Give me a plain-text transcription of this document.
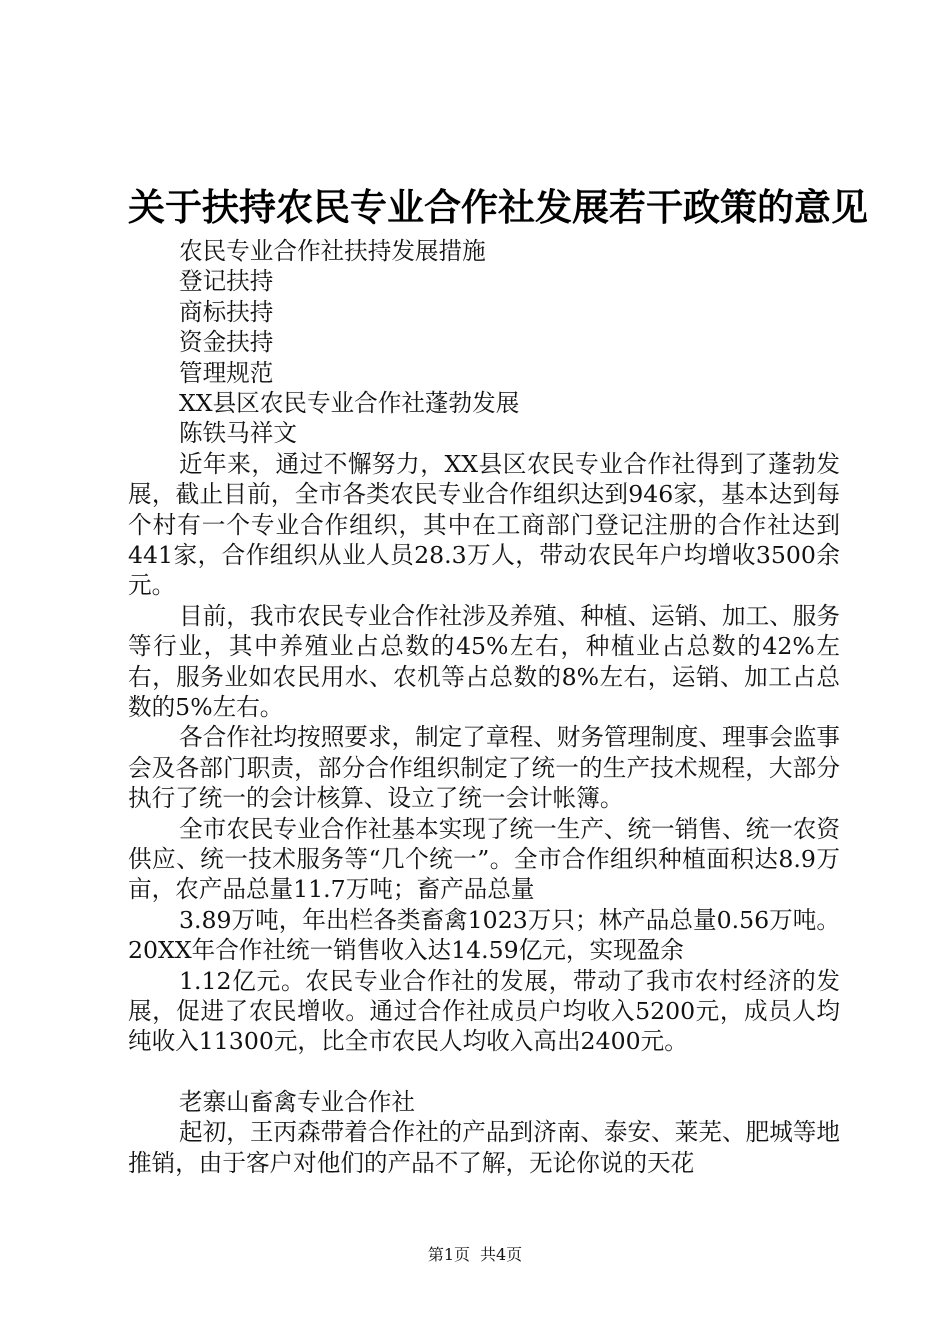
关于扶持农民专业合作社发展若干政策的意见
农民专业合作社扶持发展措施
登记扶持
商标扶持
资金扶持
管理规范
XX县区农民专业合作社蓬勃发展
陈铁马祥文
近年来，通过不懈努力，XX县区农民专业合作社得到了蓬勃发展，截止目前，全市各类农民专业合作组织达到946家，基本达到每个村有一个专业合作组织，其中在工商部门登记注册的合作社达到441家，合作组织从业人员28.3万人，带动农民年户均增收3500余元。
目前，我市农民专业合作社涉及养殖、种植、运销、加工、服务等行业，其中养殖业占总数的45%左右，种植业占总数的42%左右，服务业如农民用水、农机等占总数的8%左右，运销、加工占总数的5%左右。
各合作社均按照要求，制定了章程、财务管理制度、理事会监事会及各部门职责，部分合作组织制定了统一的生产技术规程，大部分执行了统一的会计核算、设立了统一会计帐簿。
全市农民专业合作社基本实现了统一生产、统一销售、统一农资供应、统一技术服务等“几个统一”。全市合作组织种植面积达8.9万亩，农产品总量11.7万吨；畜产品总量
3.89万吨，年出栏各类畜禽1023万只；林产品总量0.56万吨。20XX年合作社统一销售收入达14.59亿元，实现盈余
1.12亿元。农民专业合作社的发展，带动了我市农村经济的发展，促进了农民增收。通过合作社成员户均收入5200元，成员人均纯收入11300元，比全市农民人均收入高出2400元。
老寨山畜禽专业合作社
起初，王丙森带着合作社的产品到济南、泰安、莱芜、肥城等地推销，由于客户对他们的产品不了解，无论你说的天花
第1页 共4页
